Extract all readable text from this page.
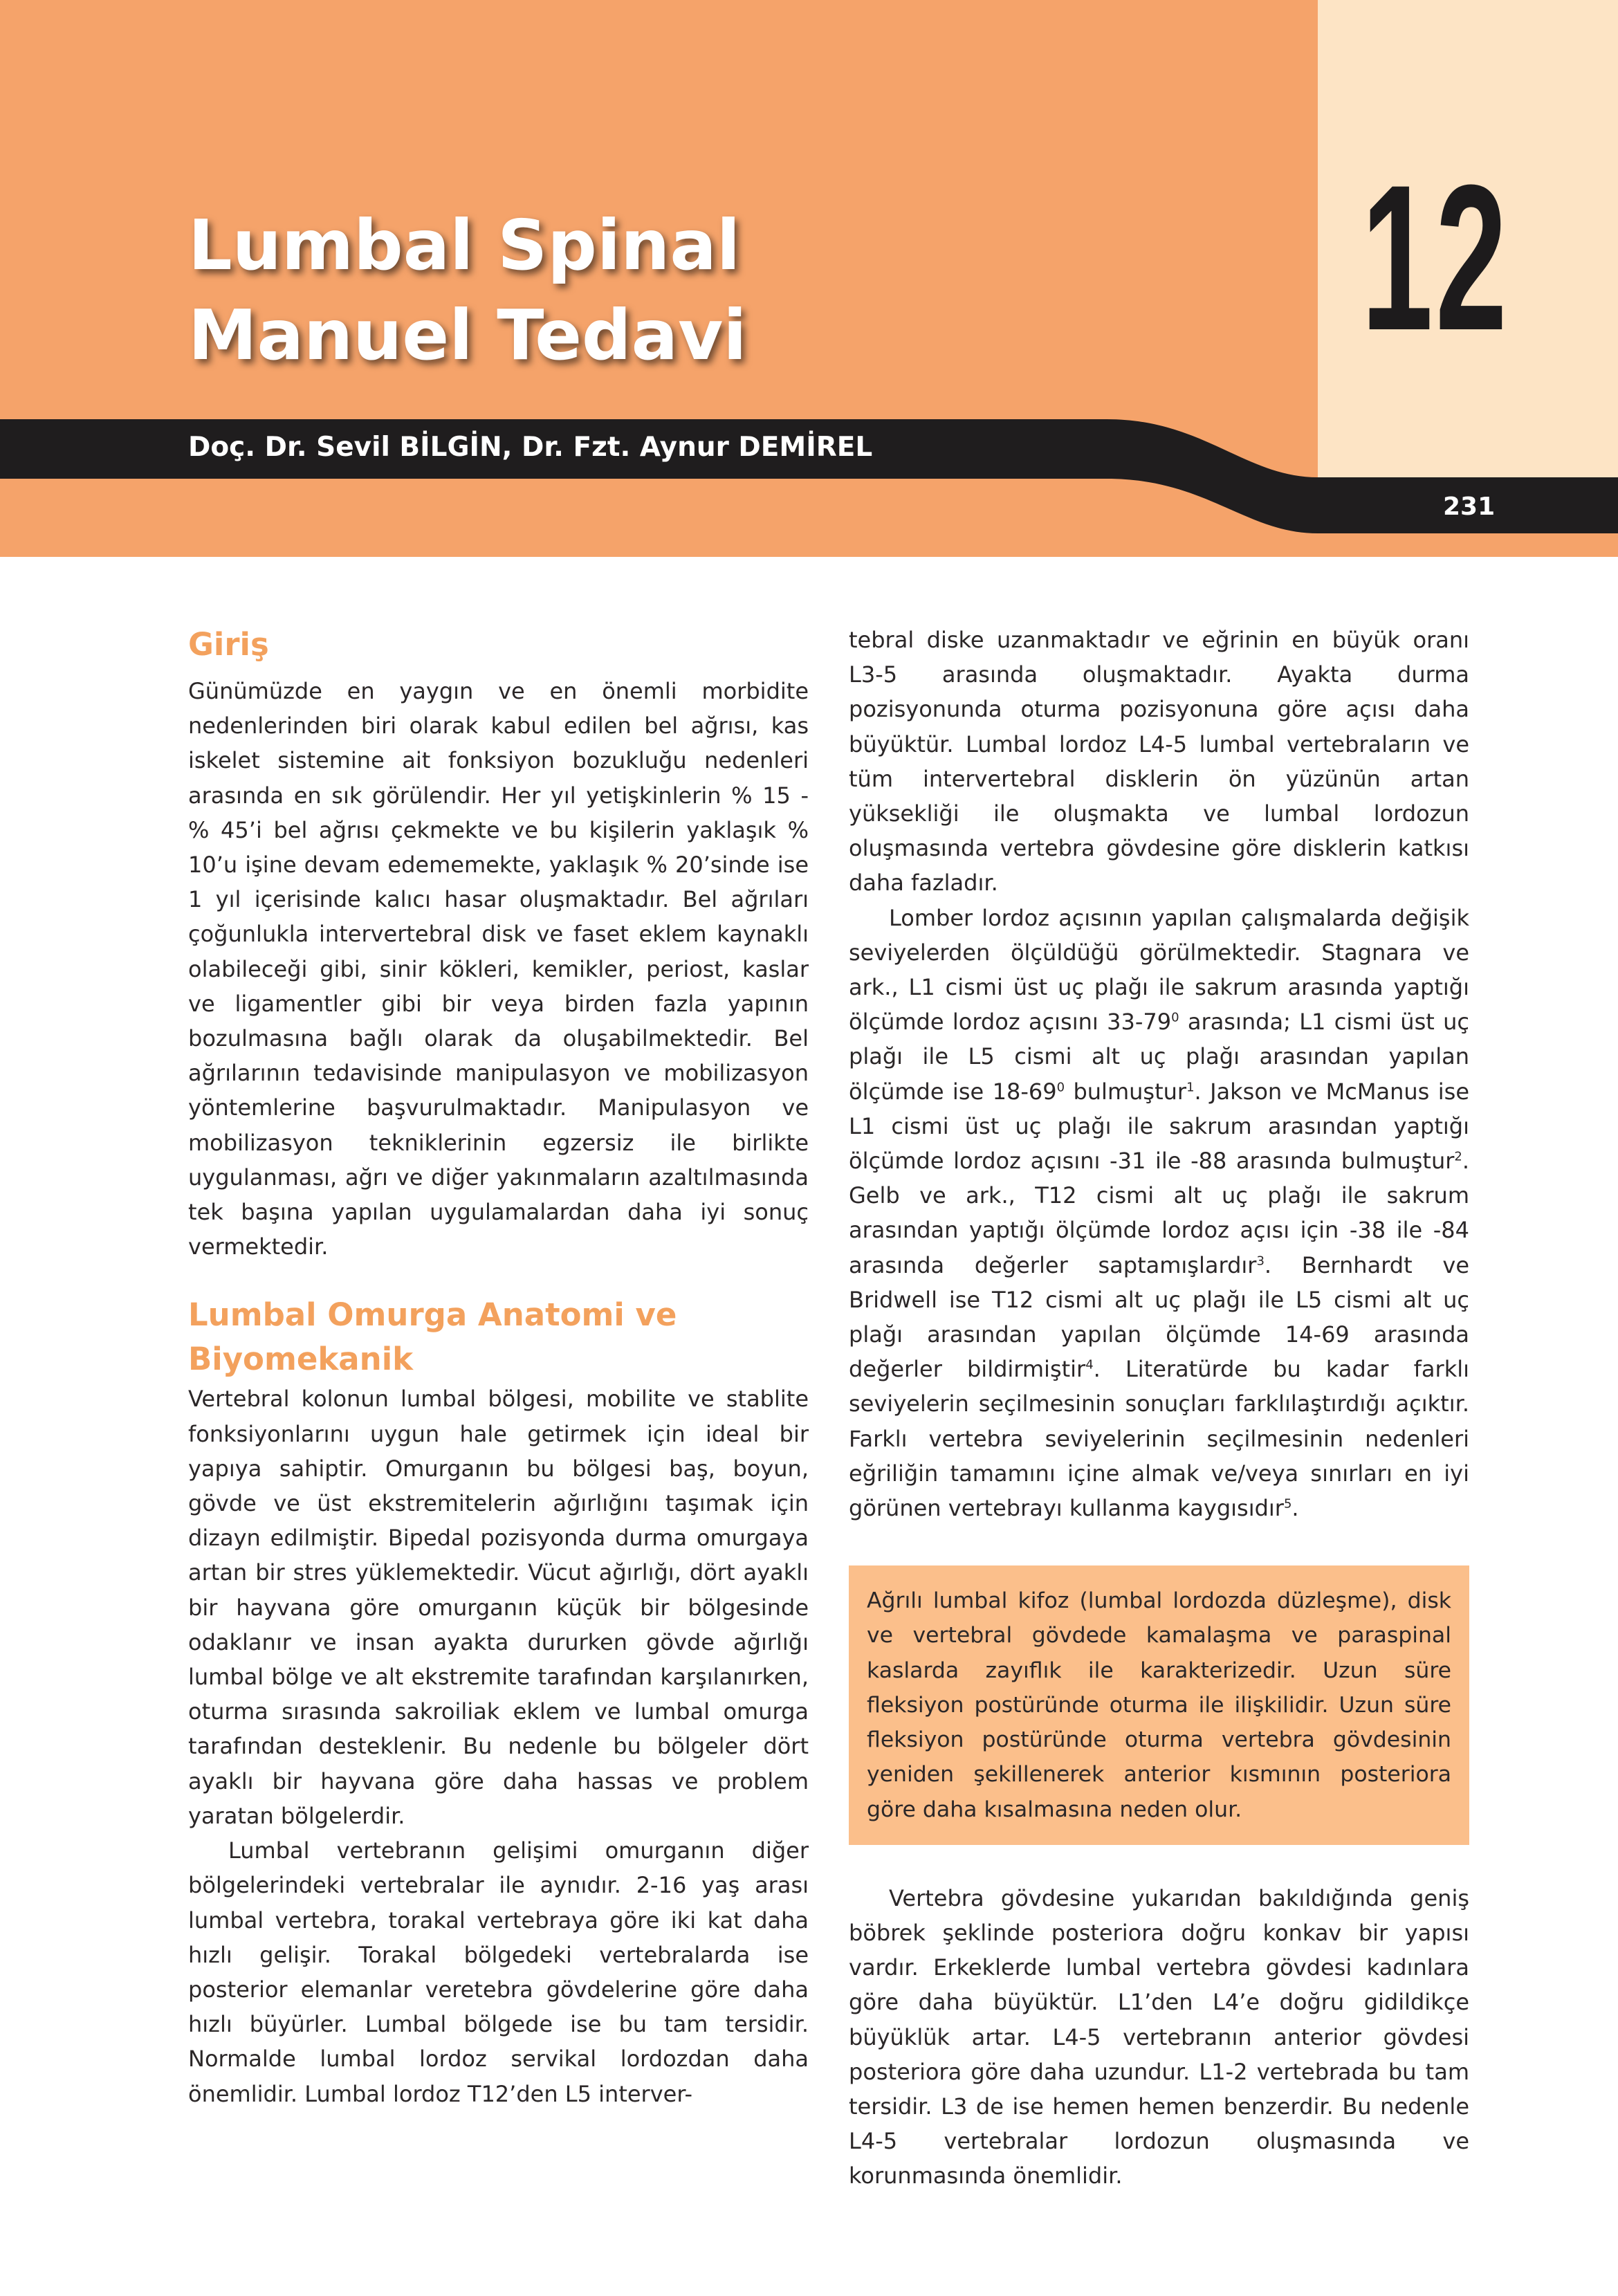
Lumbal Spinal
Manuel Tedavi	12
Doç. Dr. Sevil BİLGİN, Dr. Fzt. Aynur DEMİREL
231
Giriş

Günümüzde en yaygın ve en önemli morbidite nedenlerinden biri olarak kabul edilen bel ağrısı, kas iskelet sistemine ait fonksiyon bozukluğu nedenleri arasında en sık görülendir. Her yıl yetişkinlerin % 15 - % 45’i bel ağrısı çekmekte ve bu kişilerin yaklaşık % 10’u işine devam edememekte, yaklaşık % 20’sinde ise 1 yıl içerisinde kalıcı hasar oluşmaktadır. Bel ağrıları çoğunlukla intervertebral disk ve faset eklem kaynaklı olabileceği gibi, sinir kökleri, kemikler, periost, kaslar ve ligamentler gibi bir veya birden fazla yapının bozulmasına bağlı olarak da oluşabilmektedir. Bel ağrılarının tedavisinde manipulasyon ve mobilizasyon yöntemlerine başvurulmaktadır. Manipulasyon ve mobilizasyon tekniklerinin egzersiz ile birlikte uygulanması, ağrı ve diğer yakınmaların azaltılmasında tek başına yapılan uygulamalardan daha iyi sonuç vermektedir.

Lumbal Omurga Anatomi ve
Biyomekanik

Vertebral kolonun lumbal bölgesi, mobilite ve stablite fonksiyonlarını uygun hale getirmek için ideal bir yapıya sahiptir. Omurganın bu bölgesi baş, boyun, gövde ve üst ekstremitelerin ağırlığını taşımak için dizayn edilmiştir. Bipedal pozisyonda durma omurgaya artan bir stres yüklemektedir. Vücut ağırlığı, dört ayaklı bir hayvana göre omurganın küçük bir bölgesinde odaklanır ve insan ayakta dururken gövde ağırlığı lumbal bölge ve alt ekstremite tarafından karşılanırken, oturma sırasında sakroiliak eklem ve lumbal omurga tarafından desteklenir. Bu nedenle bu bölgeler dört ayaklı bir hayvana göre daha hassas ve problem yaratan bölgelerdir.

Lumbal vertebranın gelişimi omurganın diğer bölgelerindeki vertebralar ile aynıdır. 2-16 yaş arası lumbal vertebra, torakal vertebraya göre iki kat daha hızlı gelişir. Torakal bölgedeki vertebralarda ise posterior elemanlar veretebra gövdelerine göre daha hızlı büyürler. Lumbal bölgede ise bu tam tersidir. Normalde lumbal lordoz servikal lordozdan daha önemlidir. Lumbal lordoz T12’den L5 interver-

tebral diske uzanmaktadır ve eğrinin en büyük oranı L3-5 arasında oluşmaktadır. Ayakta durma pozisyonunda oturma pozisyonuna göre açısı daha büyüktür. Lumbal lordoz L4-5 lumbal vertebraların ve tüm intervertebral disklerin ön yüzünün artan yüksekliği ile oluşmakta ve lumbal lordozun oluşmasında vertebra gövdesine göre disklerin katkısı daha fazladır.

Lomber lordoz açısının yapılan çalışmalarda değişik seviyelerden ölçüldüğü görülmektedir. Stagnara ve ark., L1 cismi üst uç plağı ile sakrum arasında yaptığı ölçümde lordoz açısını $33-79^0$ arasında; L1 cismi üst uç plağı ile L5 cismi alt uç plağı arasından yapılan ölçümde ise $18-69^0$ bulmuştur$^1$. Jakson ve McManus ise L1 cismi üst uç plağı ile sakrum arasından yaptığı ölçümde lordoz açısını -31 ile -88 arasında bulmuştur$^2$. Gelb ve ark., T12 cismi alt uç plağı ile sakrum arasından yaptığı ölçümde lordoz açısı için -38 ile -84 arasında değerler saptamışlardır$^3$. Bernhardt ve Bridwell ise T12 cismi alt uç plağı ile L5 cismi alt uç plağı arasından yapılan ölçümde 14-69 arasında değerler bildirmiştir$^4$. Literatürde bu kadar farklı seviyelerin seçilmesinin sonuçları farklılaştırdığı açıktır. Farklı vertebra seviyelerinin seçilmesinin nedenleri eğriliğin tamamını içine almak ve/veya sınırları en iyi görünen vertebrayı kullanma kaygısıdır$^5$.

Ağrılı lumbal kifoz (lumbal lordozda düzleşme), disk ve vertebral gövdede kamalaşma ve paraspinal kaslarda zayıflık ile karakterizedir. Uzun süre fleksiyon postüründe oturma ile ilişkilidir. Uzun süre fleksiyon postüründe oturma vertebra gövdesinin yeniden şekillenerek anterior kısmının posteriora göre daha kısalmasına neden olur.

Vertebra gövdesine yukarıdan bakıldığında geniş böbrek şeklinde posteriora doğru konkav bir yapısı vardır. Erkeklerde lumbal vertebra gövdesi kadınlara göre daha büyüktür. L1’den L4’e doğru gidildikçe büyüklük artar. L4-5 vertebranın anterior gövdesi posteriora göre daha uzundur. L1-2 vertebrada bu tam tersidir. L3 de ise hemen hemen benzerdir. Bu nedenle L4-5 vertebralar lordozun oluşmasında ve korunmasında önemlidir.
